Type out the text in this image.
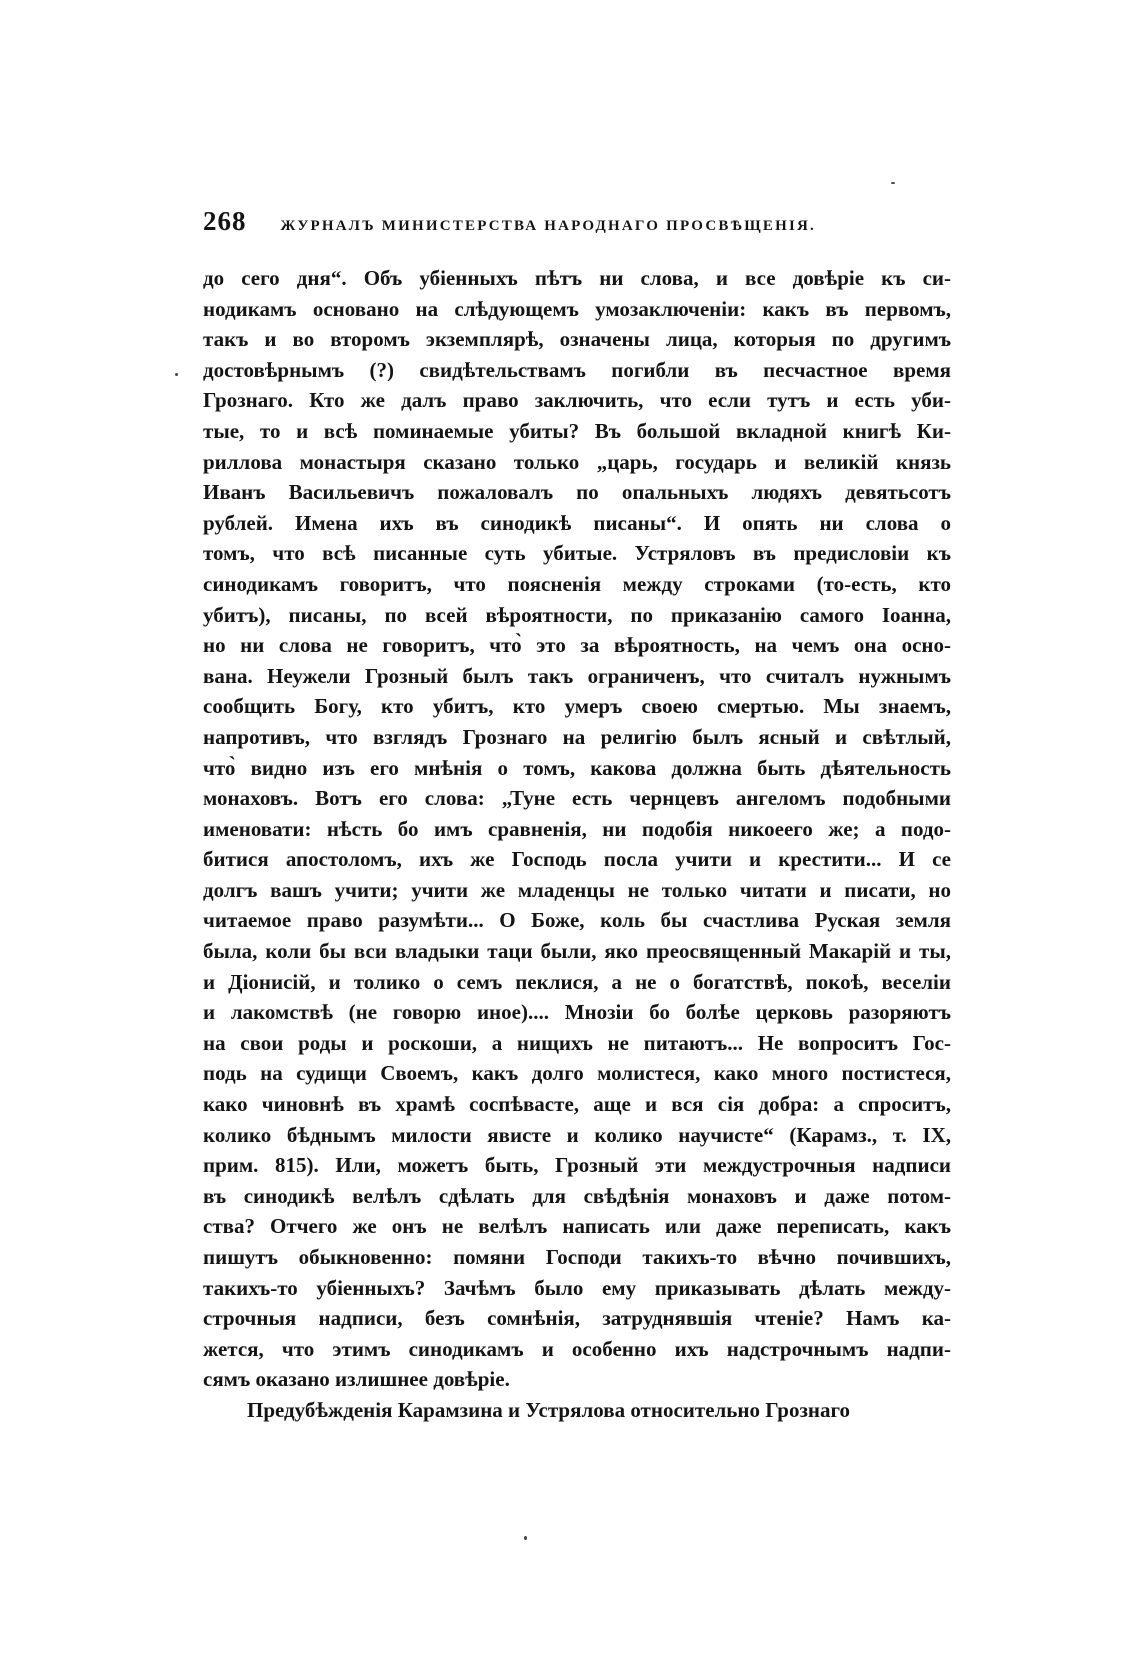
268 ЖУРНАЛЪ МИНИСТЕРСТВА НАРОДНАГО ПРОСВѢЩЕНІЯ.
до сего дня“. Объ убіенныхъ пѣтъ ни слова, и все довѣріе къ си-
нодикамъ основано на слѣдующемъ умозаключеніи: какъ въ первомъ,
такъ и во второмъ экземплярѣ, означены лица, которыя по другимъ
достовѣрнымъ (?) свидѣтельствамъ погибли въ песчастное время
Грознаго. Кто же далъ право заключить, что если тутъ и есть уби-
тые, то и всѣ поминаемые убиты? Въ большой вкладной книгѣ Ки-
риллова монастыря сказано только „царь, государь и великій князь
Иванъ Васильевичъ пожаловалъ по опальныхъ людяхъ девятьсотъ
рублей. Имена ихъ въ синодикѣ писаны“. И опять ни слова о
томъ, что всѣ писанные суть убитые. Устряловъ въ предисловіи къ
синодикамъ говоритъ, что поясненія между строками (то-есть, кто
убитъ), писаны, по всей вѣроятности, по приказанію самого Іоанна,
но ни слова не говоритъ, что̀ это за вѣроятность, на чемъ она осно-
вана. Неужели Грозный былъ такъ ограниченъ, что считалъ нужнымъ
сообщить Богу, кто убитъ, кто умеръ своею смертью. Мы знаемъ,
напротивъ, что взглядъ Грознаго на религію былъ ясный и свѣтлый,
что̀ видно изъ его мнѣнія о томъ, какова должна быть дѣятельность
монаховъ. Вотъ его слова: „Туне есть чернцевъ ангеломъ подобными
именовати: нѣсть бо имъ сравненія, ни подобія никоеего же; а подо-
битися апостоломъ, ихъ же Господь посла учити и крестити... И се
долгъ вашъ учити; учити же младенцы не только читати и писати, но
читаемое право разумѣти... О Боже, коль бы счастлива Руская земля
была, коли бы вси владыки таци были, яко преосвященный Макарій и ты,
и Діонисій, и толико о семъ пеклися, а не о богатствѣ, покоѣ, веселіи
и лакомствѣ (не говорю иное).... Мнозіи бо болѣе церковь разоряютъ
на свои роды и роскоши, а нищихъ не питаютъ... Не вопроситъ Гос-
подь на судищи Своемъ, какъ долго молистеся, како много постистеся,
како чиновнѣ въ храмѣ соспѣвасте, аще и вся сія добра: а спроситъ,
колико бѣднымъ милости явисте и колико научисте“ (Карамз., т. IX,
прим. 815). Или, можетъ быть, Грозный эти междустрочныя надписи
въ синодикѣ велѣлъ сдѣлать для свѣдѣнія монаховъ и даже потом-
ства? Отчего же онъ не велѣлъ написать или даже переписать, какъ
пишутъ обыкновенно: помяни Господи такихъ-то вѣчно почившихъ,
такихъ-то убіенныхъ? Зачѣмъ было ему приказывать дѣлать междy-
строчныя надписи, безъ сомнѣнія, затруднявшія чтеніе? Намъ ка-
жется, что этимъ синодикамъ и особенно ихъ надстрочнымъ надпи-
сямъ оказано излишнее довѣріе.
Предубѣжденія Карамзина и Устрялова относительно Грознаго
